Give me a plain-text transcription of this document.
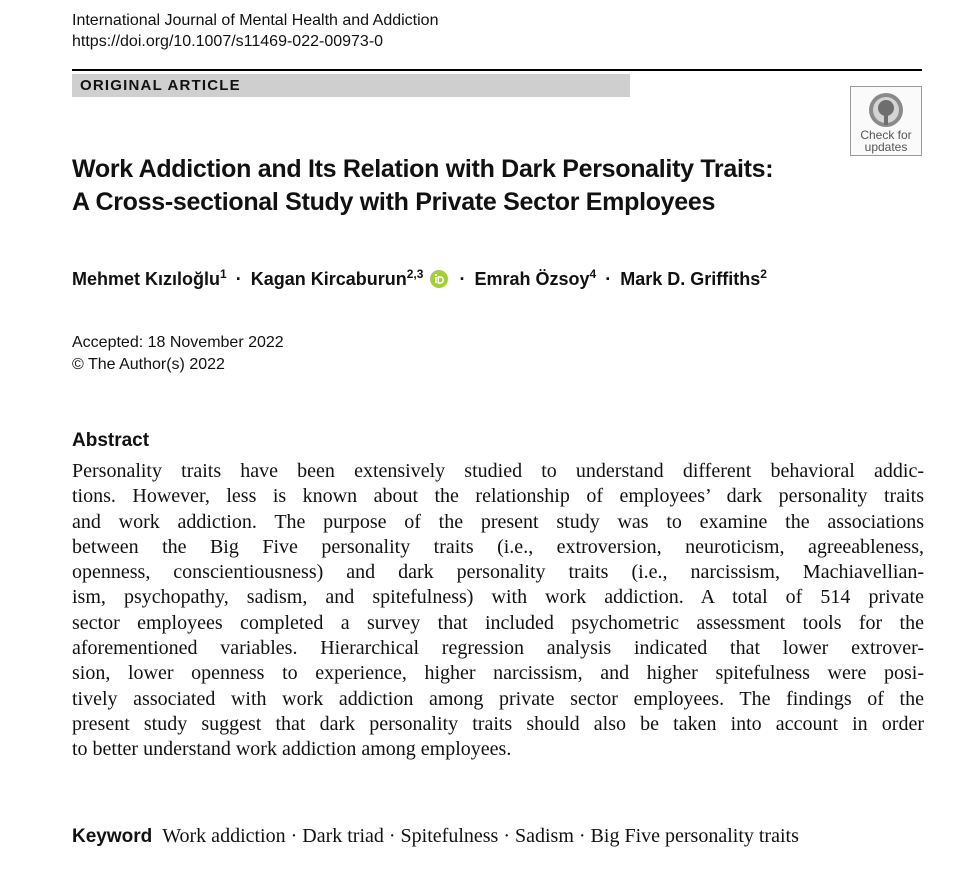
International Journal of Mental Health and Addiction
https://doi.org/10.1007/s11469-022-00973-0
ORIGINAL ARTICLE
Check for
updates
Work Addiction and Its Relation with Dark Personality Traits:
A Cross-sectional Study with Private Sector Employees
Mehmet Kızıloğlu$^1$ · Kagan Kircaburun$^{2,3}$ · Emrah Özsoy$^4$ · Mark D. Griffiths$^2$
Accepted: 18 November 2022
© The Author(s) 2022
Abstract
Personality traits have been extensively studied to understand different behavioral addic-
tions. However, less is known about the relationship of employees’ dark personality traits
and work addiction. The purpose of the present study was to examine the associations
between the Big Five personality traits (i.e., extroversion, neuroticism, agreeableness,
openness, conscientiousness) and dark personality traits (i.e., narcissism, Machiavellian-
ism, psychopathy, sadism, and spitefulness) with work addiction. A total of 514 private
sector employees completed a survey that included psychometric assessment tools for the
aforementioned variables. Hierarchical regression analysis indicated that lower extrover-
sion, lower openness to experience, higher narcissism, and higher spitefulness were posi-
tively associated with work addiction among private sector employees. The findings of the
present study suggest that dark personality traits should also be taken into account in order
to better understand work addiction among employees.
Keyword Work addiction · Dark triad · Spitefulness · Sadism · Big Five personality traits
